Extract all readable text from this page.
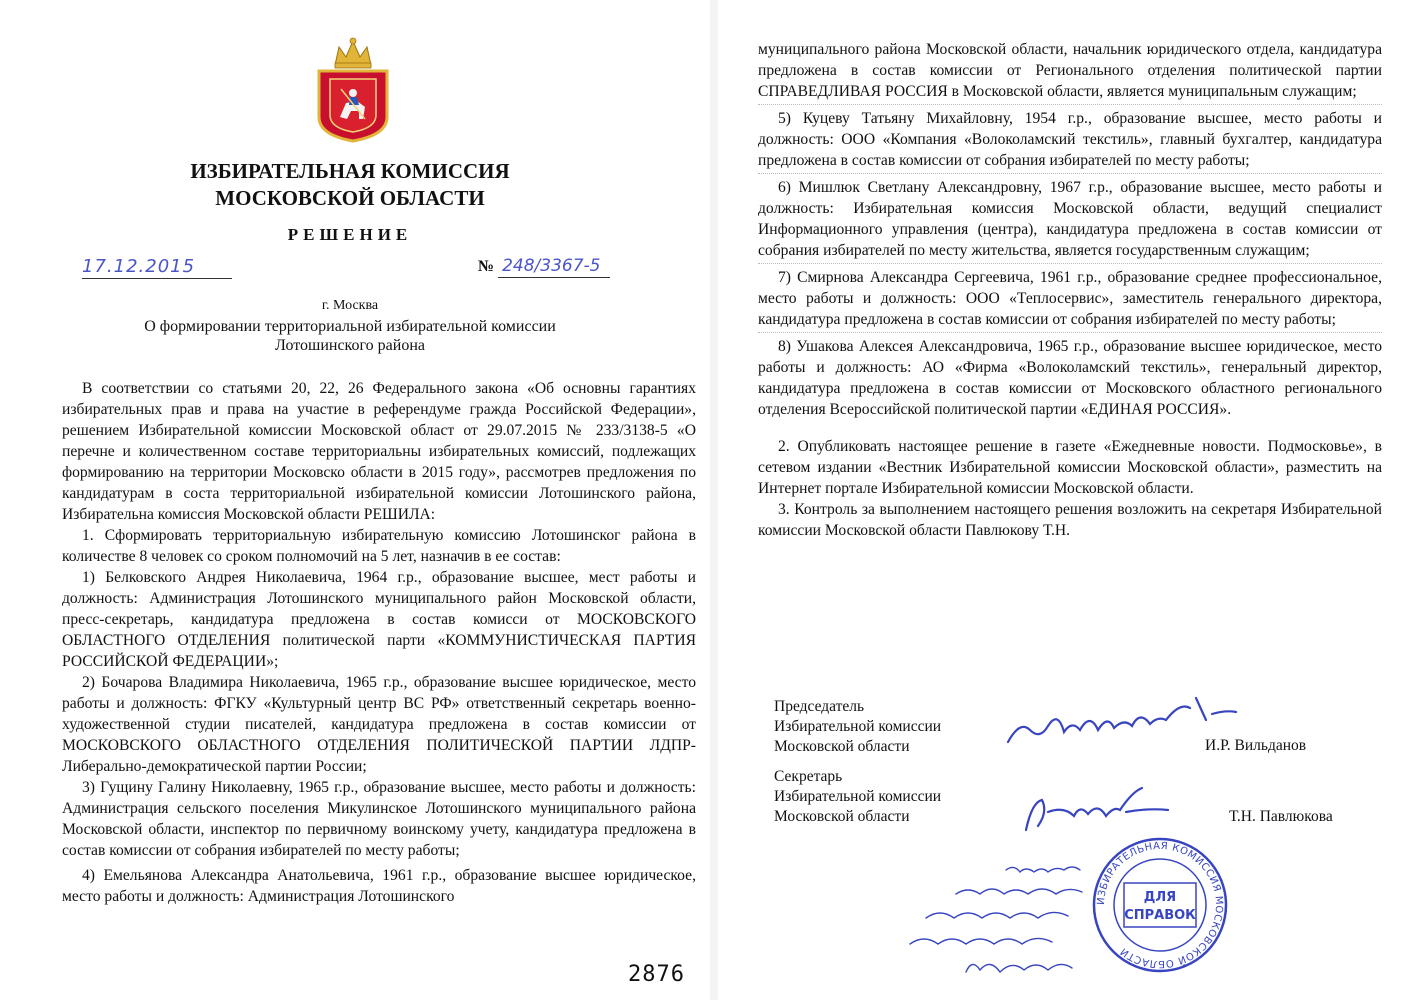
ИЗБИРАТЕЛЬНАЯ КОМИССИЯ
МОСКОВСКОЙ ОБЛАСТИ
РЕШЕНИЕ
17.12.2015	№ 248/3367-5
г. Москва
О формировании территориальной избирательной комиссии
Лотошинского района

В соответствии со статьями 20, 22, 26 Федерального закона «Об основны гарантиях избирательных прав и права на участие в референдуме гражда Российской Федерации», решением Избирательной комиссии Московской област от 29.07.2015 № 233/3138-5 «О перечне и количественном составе территориальны избирательных комиссий, подлежащих формированию на территории Московско области в 2015 году», рассмотрев предложения по кандидатурам в соста территориальной избирательной комиссии Лотошинского района, Избирательна комиссия Московской области РЕШИЛА:

1. Сформировать территориальную избирательную комиссию Лотошинског района в количестве 8 человек со сроком полномочий на 5 лет, назначив в ее состав:

1) Белковского Андрея Николаевича, 1964 г.р., образование высшее, мест работы и должность: Администрация Лотошинского муниципального район Московской области, пресс-секретарь, кандидатура предложена в состав комисси от МОСКОВСКОГО ОБЛАСТНОГО ОТДЕЛЕНИЯ политической парти «КОММУНИСТИЧЕСКАЯ ПАРТИЯ РОССИЙСКОЙ ФЕДЕРАЦИИ»;

2) Бочарова Владимира Николаевича, 1965 г.р., образование высшее юридическое, место работы и должность: ФГКУ «Культурный центр ВС РФ» ответственный секретарь военно-художественной студии писателей, кандидатура предложена в состав комиссии от МОСКОВСКОГО ОБЛАСТНОГО ОТДЕЛЕНИЯ ПОЛИТИЧЕСКОЙ ПАРТИИ ЛДПР-Либерально-демократической партии России;

3) Гущину Галину Николаевну, 1965 г.р., образование высшее, место работы и должность: Администрация сельского поселения Микулинское Лотошинского муниципального района Московской области, инспектор по первичному воинскому учету, кандидатура предложена в состав комиссии от собрания избирателей по месту работы;

4) Емельянова Александра Анатольевича, 1961 г.р., образование высшее юридическое, место работы и должность: Администрация Лотошинского

2876

муниципального района Московской области, начальник юридического отдела, кандидатура предложена в состав комиссии от Регионального отделения политической партии СПРАВЕДЛИВАЯ РОССИЯ в Московской области, является муниципальным служащим;

5) Куцеву Татьяну Михайловну, 1954 г.р., образование высшее, место работы и должность: ООО «Компания «Волоколамский текстиль», главный бухгалтер, кандидатура предложена в состав комиссии от собрания избирателей по месту работы;

6) Мишлюк Светлану Александровну, 1967 г.р., образование высшее, место работы и должность: Избирательная комиссия Московской области, ведущий специалист Информационного управления (центра), кандидатура предложена в состав комиссии от собрания избирателей по месту жительства, является государственным служащим;

7) Смирнова Александра Сергеевича, 1961 г.р., образование среднее профессиональное, место работы и должность: ООО «Теплосервис», заместитель генерального директора, кандидатура предложена в состав комиссии от собрания избирателей по месту работы;

8) Ушакова Алексея Александровича, 1965 г.р., образование высшее юридическое, место работы и должность: АО «Фирма «Волоколамский текстиль», генеральный директор, кандидатура предложена в состав комиссии от Московского областного регионального отделения Всероссийской политической партии «ЕДИНАЯ РОССИЯ».

2. Опубликовать настоящее решение в газете «Ежедневные новости. Подмосковье», в сетевом издании «Вестник Избирательной комиссии Московской области», разместить на Интернет портале Избирательной комиссии Московской области.

3. Контроль за выполнением настоящего решения возложить на секретаря Избирательной комиссии Московской области Павлюкову Т.Н.

Председатель
Избирательной комиссии
Московской области	И.Р. Вильданов
Секретарь
Избирательной комиссии
Московской области	Т.Н. Павлюкова
ИЗБИРАТЕЛЬНАЯ КОМИССИЯ МОСКОВСКОЙ ОБЛАСТИ
ДЛЯ
СПРАВОК
